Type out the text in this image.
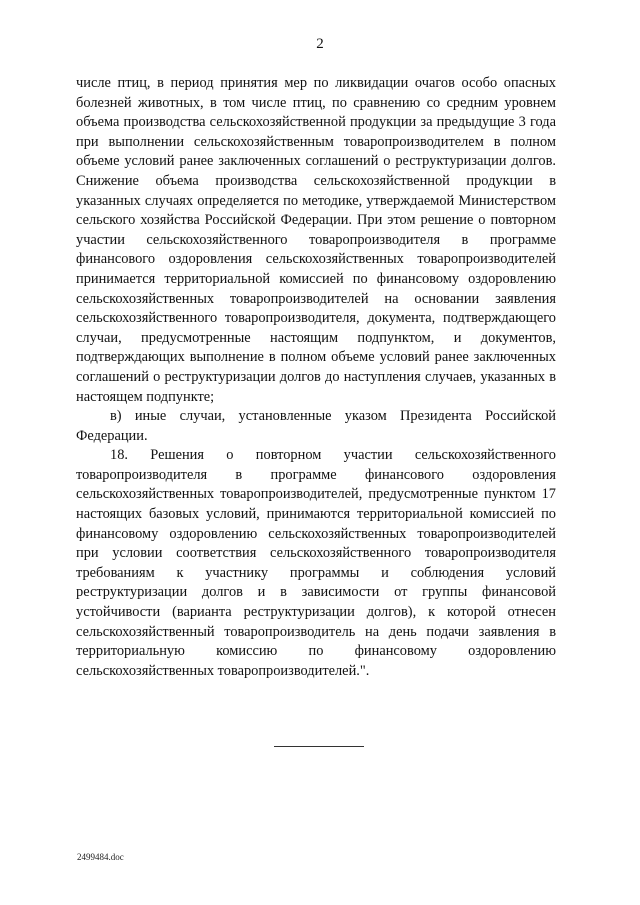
2

числе птиц, в период принятия мер по ликвидации очагов особо опасных болезней животных, в том числе птиц, по сравнению со средним уровнем объема производства сельскохозяйственной продукции за предыдущие 3 года при выполнении сельскохозяйственным товаропроизводителем в полном объеме условий ранее заключенных соглашений о реструктуризации долгов. Снижение объема производства сельскохозяйственной продукции в указанных случаях определяется по методике, утверждаемой Министерством сельского хозяйства Российской Федерации. При этом решение о повторном участии сельскохозяйственного товаропроизводителя в программе финансового оздоровления сельскохозяйственных товаропроизводителей принимается территориальной комиссией по финансовому оздоровлению сельскохозяйственных товаропроизводителей на основании заявления сельскохозяйственного товаропроизводителя, документа, подтверждающего случаи, предусмотренные настоящим подпунктом, и документов, подтверждающих выполнение в полном объеме условий ранее заключенных соглашений о реструктуризации долгов до наступления случаев, указанных в настоящем подпункте;

в) иные случаи, установленные указом Президента Российской Федерации.

18. Решения о повторном участии сельскохозяйственного товаропроизводителя в программе финансового оздоровления сельскохозяйственных товаропроизводителей, предусмотренные пунктом 17 настоящих базовых условий, принимаются территориальной комиссией по финансовому оздоровлению сельскохозяйственных товаропроизводителей при условии соответствия сельскохозяйственного товаропроизводителя требованиям к участнику программы и соблюдения условий реструктуризации долгов и в зависимости от группы финансовой устойчивости (варианта реструктуризации долгов), к которой отнесен сельскохозяйственный товаропроизводитель на день подачи заявления в территориальную комиссию по финансовому оздоровлению сельскохозяйственных товаропроизводителей.".

2499484.doc
